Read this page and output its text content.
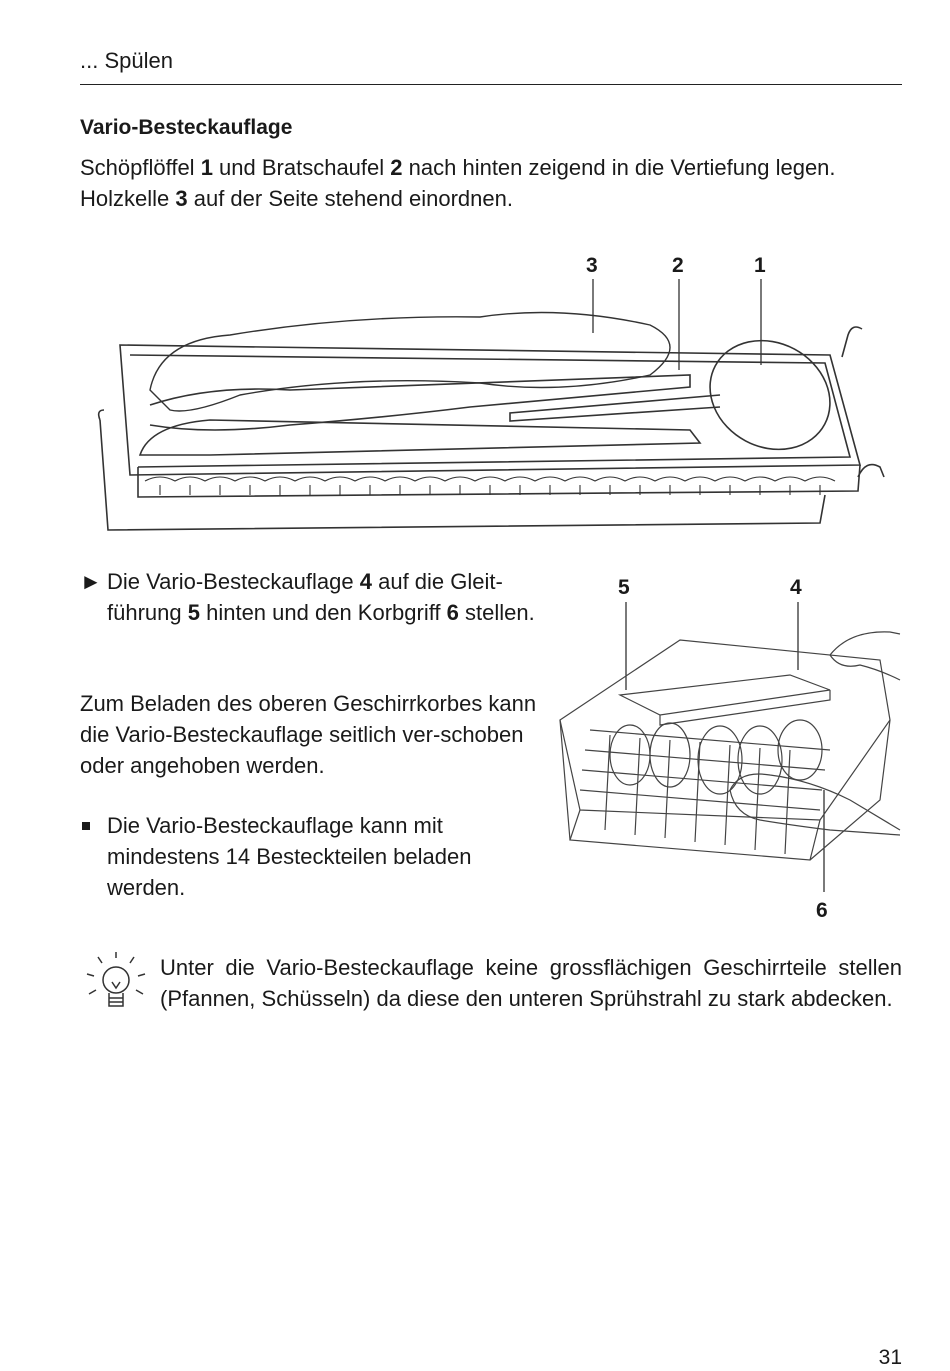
... Spülen
Vario-Besteckauflage

Schöpflöffel 1 und Bratschaufel 2 nach hinten zeigend in die Vertiefung legen.

Holzkelle 3 auf der Seite stehend einordnen.

3	2	1
► Die Vario-Besteckauflage 4 auf die Gleit-führung 5 hinten und den Korbgriff 6 stellen.

Zum Beladen des oberen Geschirrkorbes kann die Vario-Besteckauflage seitlich ver-schoben oder angehoben werden.

Die Vario-Besteckauflage kann mit mindestens 14 Besteckteilen beladen werden.
5	4
6

Unter die Vario-Besteckauflage keine grossflächigen Geschirrteile stellen (Pfannen, Schüsseln) da diese den unteren Sprühstrahl zu stark abdecken.

31
